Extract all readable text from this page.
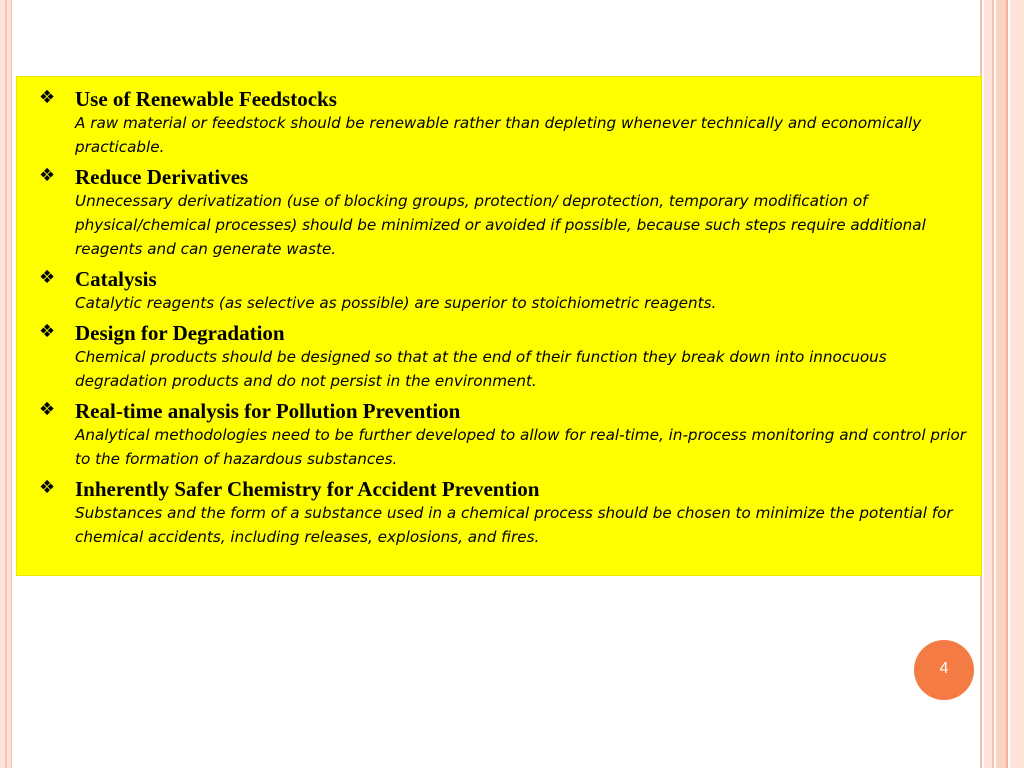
❖ Use of Renewable Feedstocks
A raw material or feedstock should be renewable rather than depleting whenever technically and economically practicable.
❖ Reduce Derivatives
Unnecessary derivatization (use of blocking groups, protection/ deprotection, temporary modification of physical/chemical processes) should be minimized or avoided if possible, because such steps require additional reagents and can generate waste.
❖ Catalysis
Catalytic reagents (as selective as possible) are superior to stoichiometric reagents.
❖ Design for Degradation
Chemical products should be designed so that at the end of their function they break down into innocuous degradation products and do not persist in the environment.
❖ Real-time analysis for Pollution Prevention
Analytical methodologies need to be further developed to allow for real-time, in-process monitoring and control prior to the formation of hazardous substances.
❖ Inherently Safer Chemistry for Accident Prevention
Substances and the form of a substance used in a chemical process should be chosen to minimize the potential for chemical accidents, including releases, explosions, and fires.
4
